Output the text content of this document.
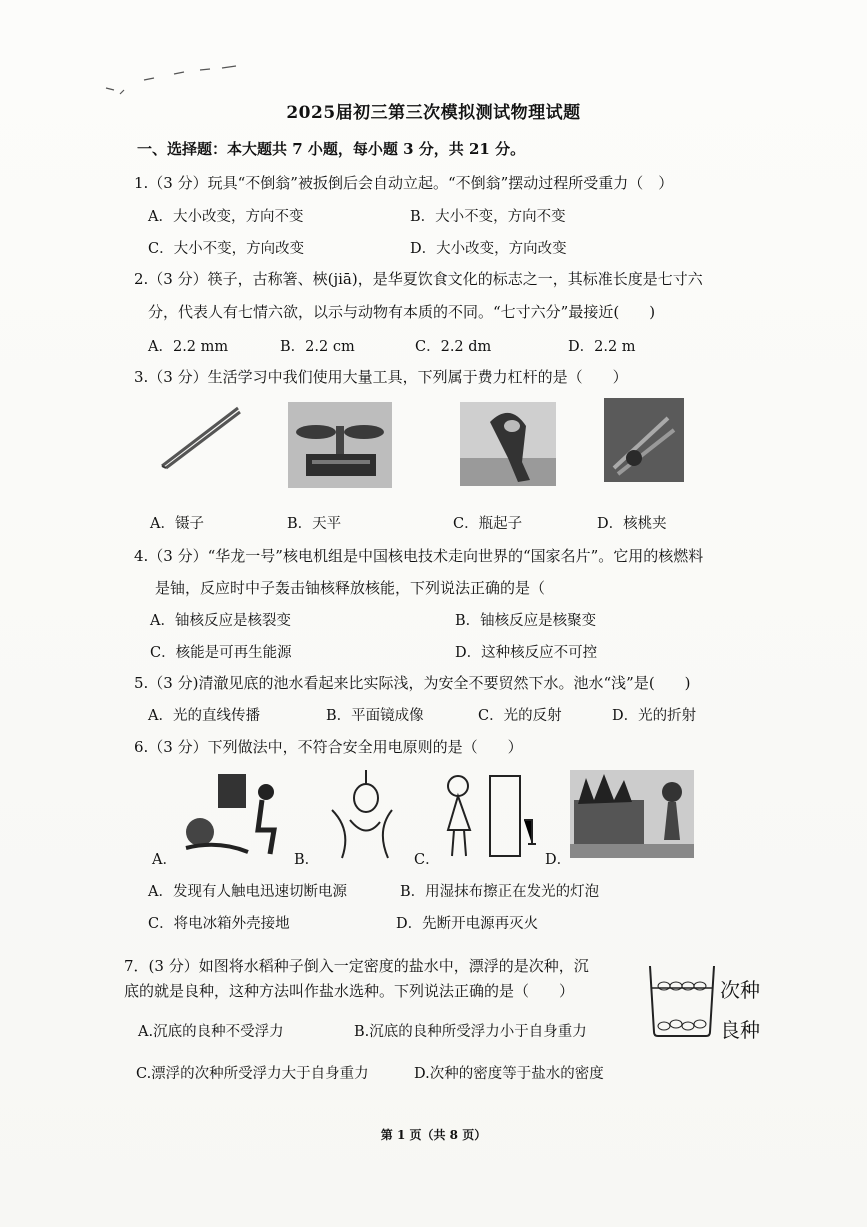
2025届初三第三次模拟测试物理试题
一、选择题：本大题共 7 小题，每小题 3 分，共 21 分。
1.（3 分）玩具“不倒翁”被扳倒后会自动立起。“不倒翁”摆动过程所受重力（　）
A．大小改变，方向不变	B．大小不变，方向不变
C．大小不变，方向改变	D．大小改变，方向改变
2.（3 分）筷子，古称箸、梜(jiā)，是华夏饮食文化的标志之一，其标准长度是七寸六
分，代表人有七情六欲，以示与动物有本质的不同。“七寸六分”最接近(　　)
A．2.2 mm	B．2.2 cm	C．2.2 dm	D．2.2 m
3.（3 分）生活学习中我们使用大量工具，下列属于费力杠杆的是（　　）
A．镊子	B．天平	C．瓶起子	D．核桃夹
4.（3 分）“华龙一号”核电机组是中国核电技术走向世界的“国家名片”。它用的核燃料
是铀，反应时中子轰击铀核释放核能，下列说法正确的是（
A．铀核反应是核裂变	B．铀核反应是核聚变
C．核能是可再生能源	D．这种核反应不可控
5.（3 分)清澈见底的池水看起来比实际浅，为安全不要贸然下水。池水“浅”是(　　)
A．光的直线传播	B．平面镜成像	C．光的反射	D．光的折射
6.（3 分）下列做法中，不符合安全用电原则的是（　　）
A．	B．	C．	D．
A．发现有人触电迅速切断电源	B．用湿抹布擦正在发光的灯泡
C．将电冰箱外壳接地	D．先断开电源再灭火
7．(3 分）如图将水稻种子倒入一定密度的盐水中，漂浮的是次种，沉
底的就是良种，这种方法叫作盐水选种。下列说法正确的是（　　）	次种
良种
A.沉底的良种不受浮力	B.沉底的良种所受浮力小于自身重力
C.漂浮的次种所受浮力大于自身重力	D.次种的密度等于盐水的密度
第 1 页（共 8 页）
